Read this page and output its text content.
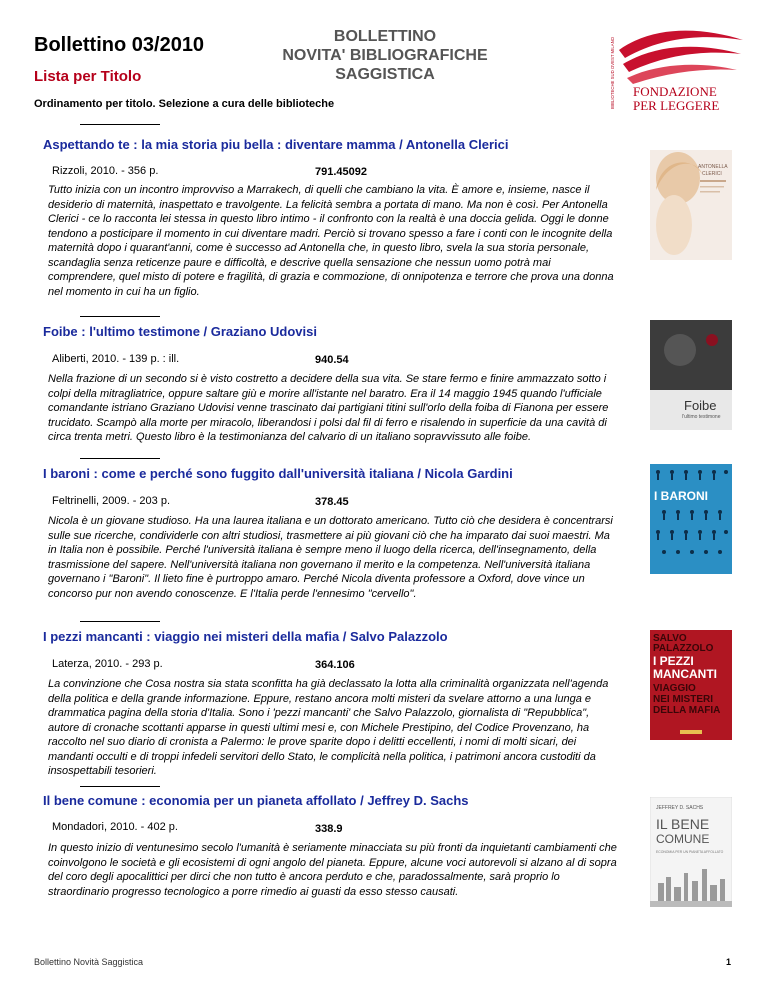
Bollettino 03/2010
Lista per Titolo
BOLLETTINO
NOVITA' BIBLIOGRAFICHE
SAGGISTICA	BIBLIOTECHE SUD OVEST MILANO FONDAZIONE
PER LEGGERE
Ordinamento per titolo. Selezione a cura delle biblioteche
Aspettando te : la mia storia piu bella : diventare mamma / Antonella Clerici
Rizzoli, 2010. - 356 p.	791.45092
Tutto inizia con un incontro improvviso a Marrakech, di quelli che cambiano la vita. È amore e, insieme, nasce il desiderio di maternità, inaspettato e travolgente. La felicità sembra a portata di mano. Ma non è così. Per Antonella Clerici - ce lo racconta lei stessa in questo libro intimo - il confronto con la realtà è una doccia gelida. Oggi le donne tendono a posticipare il momento in cui diventare madri. Perciò si trovano spesso a fare i conti con le incognite della maternità dopo i quarant'anni, come è successo ad Antonella che, in questo libro, svela la sua storia personale, scandaglia senza reticenze paure e difficoltà, e descrive quella sensazione che nessun uomo potrà mai comprendere, quel misto di potere e fragilità, di grazia e commozione, di onnipotenza e terrore che prova una donna nel momento in cui ha un figlio.
ANTONELLA
CLERICI
Foibe : l'ultimo testimone / Graziano Udovisi
Aliberti, 2010. - 139 p. : ill.	940.54
Nella frazione di un secondo si è visto costretto a decidere della sua vita. Se stare fermo e finire ammazzato sotto i colpi della mitragliatrice, oppure saltare giù e morire all'istante nel baratro. Era il 14 maggio 1945 quando l'ufficiale comandante istriano Graziano Udovisi venne trascinato dai partigiani titini sull'orlo della foiba di Fianona per essere trucidato. Scampò alla morte per miracolo, liberandosi i polsi dal fil di ferro e risalendo in superficie da una cavità di circa trenta metri. Questo libro è la testimonianza del calvario di un italiano sopravvissuto alle foibe.
Foibe
l'ultimo testimone
I baroni : come e perché sono fuggito dall'università italiana / Nicola Gardini
Feltrinelli, 2009. - 203 p.	378.45
Nicola è un giovane studioso. Ha una laurea italiana e un dottorato americano. Tutto ciò che desidera è concentrarsi sulle sue ricerche, condividerle con altri studiosi, trasmettere ai più giovani ciò che ha imparato dai suoi maestri. Ma in Italia non è possibile. Perché l'università italiana è sempre meno il luogo della ricerca, dell'insegnamento, della trasmissione del sapere. Nell'università italiana non governano il merito e la competenza. Nell'università italiana governano i "Baroni". Il lieto fine è purtroppo amaro. Perché Nicola diventa professore a Oxford, dove vince un concorso pur non avendo conoscenze. E l'Italia perde l'ennesimo "cervello".
I BARONI
I pezzi mancanti : viaggio nei misteri della mafia / Salvo Palazzolo
Laterza, 2010. - 293 p.	364.106
La convinzione che Cosa nostra sia stata sconfitta ha già declassato la lotta alla criminalità organizzata nell'agenda della politica e della grande informazione. Eppure, restano ancora molti misteri da svelare attorno a una lunga e drammatica pagina della storia d'Italia. Sono i 'pezzi mancanti' che Salvo Palazzolo, giornalista di "Repubblica", autore di cronache scottanti apparse in questi ultimi mesi e, con Michele Prestipino, del Codice Provenzano, ha raccolto nel suo diario di cronista a Palermo: le prove sparite dopo i delitti eccellenti, i nomi di molti sicari, dei mandanti occulti e di troppi infedeli servitori dello Stato, le complicità nella politica, i patrimoni ancora custoditi da insospettabili tesorieri.
SALVO
PALAZZOLO
I PEZZI
MANCANTI
VIAGGIO
NEI MISTERI
DELLA MAFIA
Il bene comune : economia per un pianeta affollato / Jeffrey D. Sachs
Mondadori, 2010. - 402 p.	338.9
In questo inizio di ventunesimo secolo l'umanità è seriamente minacciata su più fronti da inquietanti cambiamenti che coinvolgono le società e gli ecosistemi di ogni angolo del pianeta. Eppure, alcune voci autorevoli si alzano al di sopra del coro degli apocalittici per dirci che non tutto è ancora perduto e che, paradossalmente, sarà proprio lo straordinario progresso tecnologico a porre rimedio ai guasti da esso stesso causati.
JEFFREY D. SACHS
IL BENE
COMUNE
ECONOMIA PER UN PIANETA AFFOLLATO
Bollettino Novità Saggistica	1
